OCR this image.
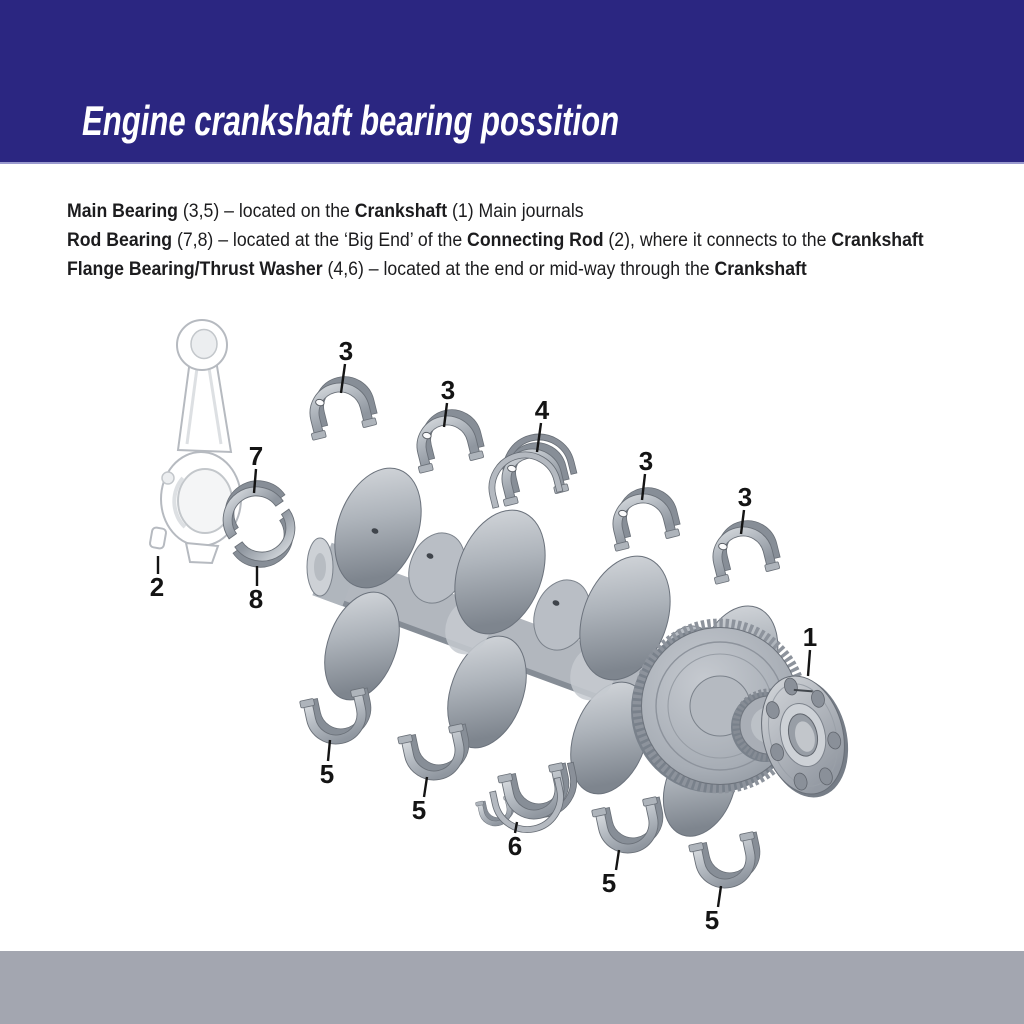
Engine crankshaft bearing possition

Main Bearing (3,5) – located on the Crankshaft (1) Main journals

Rod Bearing (7,8) – located at the ‘Big End’ of the Connecting Rod (2), where it connects to the Crankshaft

Flange Bearing/Thrust Washer (4,6) – located at the end or mid-way through the Crankshaft

3
3
4
3
3
7
8
2
1
5
5
6
5
5
